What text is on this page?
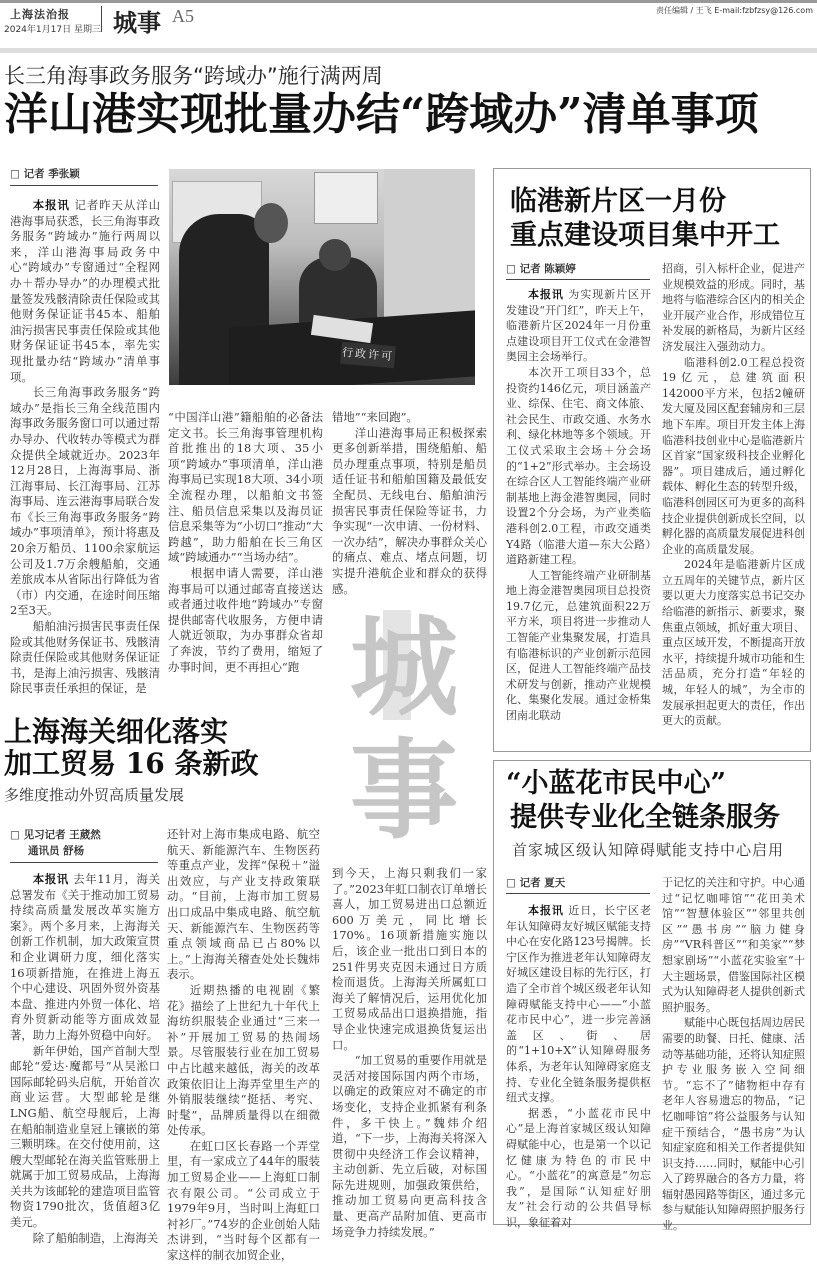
上海法治报
2024年1月17日 星期三 城事 A5	责任编辑 / 王飞 E-mail:fzbfzsy@126.com
城
事
长三角海事政务服务“跨域办”施行满两周
洋山港实现批量办结“跨域办”清单事项
□ 记者 季张颖
行政许可

本报讯 记者昨天从洋山港海事局获悉，长三角海事政务服务“跨域办”施行两周以来，洋山港海事局政务中心“跨域办”专窗通过“全程网办＋帮办导办”的办理模式批量签发残骸清除责任保险或其他财务保证证书45本、船舶油污损害民事责任保险或其他财务保证证书45本，率先实现批量办结“跨域办”清单事项。

长三角海事政务服务“跨域办”是指长三角全线范围内海事政务服务窗口可以通过帮办导办、代收转办等模式为群众提供全域就近办。2023年12月28日，上海海事局、浙江海事局、长江海事局、江苏海事局、连云港海事局联合发布《长三角海事政务服务“跨域办”事项清单》，预计将惠及20余万船员、1100余家航运公司及1.7万余艘船舶，交通差旅成本从省际出行降低为省（市）内交通，在途时间压缩2至3天。

船舶油污损害民事责任保险或其他财务保证书、残骸清除责任保险或其他财务保证证书，是海上油污损害、残骸清除民事责任承担的保证，是

“中国洋山港”籍船舶的必备法定文书。长三角海事管理机构首批推出的18大项、35小项“跨域办”事项清单，洋山港海事局已实现18大项、34小项全流程办理，以船舶文书签注、船员信息采集以及海员证信息采集等为“小切口”推动“大跨越”，助力船舶在长三角区域“跨域通办”“当场办结”。

根据申请人需要，洋山港海事局可以通过邮寄直接送达或者通过收件地“跨域办”专窗提供邮寄代收服务，方便申请人就近领取，为办事群众省却了奔波，节约了费用，缩短了办事时间，更不再担心“跑

错地”“来回跑”。

洋山港海事局正积极探索更多创新举措，围绕船舶、船员办理重点事项，特别是船员适任证书和船舶国籍及最低安全配员、无线电台、船舶油污损害民事责任保险等证书，力争实现“一次申请、一份材料、一次办结”，解决办事群众关心的痛点、难点、堵点问题，切实提升港航企业和群众的获得感。

临港新片区一月份
重点建设项目集中开工
□ 记者 陈颖婷

本报讯 为实现新片区开发建设“开门红”，昨天上午，临港新片区2024年一月份重点建设项目开工仪式在金港智奥园主会场举行。

本次开工项目33个，总投资约146亿元，项目涵盖产业、综保、住宅、商文体旅、社会民生、市政交通、水务水利、绿化林地等多个领域。开工仪式采取主会场＋分会场的“1+2”形式举办。主会场设在综合区人工智能终端产业研制基地上海金港智奥园，同时设置2个分会场，为产业类临港科创2.0工程，市政交通类Y4路（临港大道—东大公路）道路新建工程。

人工智能终端产业研制基地上海金港智奥园项目总投资19.7亿元，总建筑面积22万平方米，项目将进一步推动人工智能产业集聚发展，打造具有临港标识的产业创新示范园区，促进人工智能终端产品技术研发与创新，推动产业规模化、集聚化发展。通过金桥集团南北联动

招商，引入标杆企业，促进产业规模效益的形成。同时，基地将与临港综合区内的相关企业开展产业合作，形成错位互补发展的新格局，为新片区经济发展注入强劲动力。

临港科创2.0工程总投资19亿元，总建筑面积142000平方米，包括2幢研发大厦及园区配套辅房和三层地下车库。项目开发主体上海临港科技创业中心是临港新片区首家“国家级科技企业孵化器”。项目建成后，通过孵化载体、孵化生态的转型升级，临港科创园区可为更多的高科技企业提供创新成长空间，以孵化器的高质量发展促进科创企业的高质量发展。

2024年是临港新片区成立五周年的关键节点，新片区要以更大力度落实总书记交办给临港的新指示、新要求，聚焦重点领域，抓好重大项目、重点区域开发，不断提高开放水平，持续提升城市功能和生活品质，充分打造“年轻的城，年轻人的城”，为全市的发展承担起更大的责任，作出更大的贡献。

上海海关细化落实
加工贸易 16 条新政
多维度推动外贸高质量发展
□ 见习记者 王葳然
通讯员 舒杨

本报讯 去年11月，海关总署发布《关于推动加工贸易持续高质量发展改革实施方案》。两个多月来，上海海关创新工作机制，加大政策宣贯和企业调研力度，细化落实16项新措施，在推进上海五个中心建设、巩固外贸外资基本盘、推进内外贸一体化、培育外贸新动能等方面成效显著，助力上海外贸稳中向好。

新年伊始，国产首制大型邮轮“爱达·魔都号”从吴淞口国际邮轮码头启航，开始首次商业运营。大型邮轮是继LNG船、航空母舰后，上海在船舶制造业皇冠上镶嵌的第三颗明珠。在交付使用前，这艘大型邮轮在海关监管账册上就属于加工贸易成品，上海海关共为该邮轮的建造项目监管物资1790批次，货值超3亿美元。

除了船舶制造，上海海关

还针对上海市集成电路、航空航天、新能源汽车、生物医药等重点产业，发挥“保税＋”溢出效应，与产业支持政策联动。“目前，上海市加工贸易出口成品中集成电路、航空航天、新能源汽车、生物医药等重点领域商品已占80%以上。”上海海关稽查处处长魏炜表示。

近期热播的电视剧《繁花》描绘了上世纪九十年代上海纺织服装企业通过“三来一补”开展加工贸易的热闹场景。尽管服装行业在加工贸易中占比越来越低，海关的改革政策依旧让上海弄堂里生产的外销服装继续“挺括、考究、时髦”，品牌质量得以在细微处传承。

在虹口区长春路一个弄堂里，有一家成立了44年的服装加工贸易企业——上海虹口制衣有限公司。“公司成立于1979年9月，当时叫上海虹口衬衫厂。”74岁的企业创始人陆杰讲到，“当时每个区都有一家这样的制衣加贸企业，

到今天，上海只剩我们一家了。”2023年虹口制衣订单增长喜人，加工贸易进出口总额近600万美元，同比增长170%。16项新措施实施以后，该企业一批出口到日本的251件男夹克因未通过日方质检而退货。上海海关所属虹口海关了解情况后，运用优化加工贸易成品出口退换措施，指导企业快速完成退换货复运出口。

“加工贸易的重要作用就是灵活对接国际国内两个市场，以确定的政策应对不确定的市场变化，支持企业抓紧有利条件，多干快上。”魏炜介绍道，“下一步，上海海关将深入贯彻中央经济工作会议精神，主动创新、先立后破，对标国际先进规则，加强政策供给，推动加工贸易向更高科技含量、更高产品附加值、更高市场竞争力持续发展。”

“小蓝花市民中心”
提供专业化全链条服务
首家城区级认知障碍赋能支持中心启用
□ 记者 夏天

本报讯 近日，长宁区老年认知障碍友好城区赋能支持中心在安化路123号揭牌。长宁区作为推进老年认知障碍友好城区建设目标的先行区，打造了全市首个城区级老年认知障碍赋能支持中心——“小蓝花市民中心”，进一步完善涵盖区、街、居的“1+10+X”认知障碍服务体系，为老年认知障碍家庭支持、专业化全链条服务提供枢纽式支撑。

据悉，“小蓝花市民中心”是上海首家城区级认知障碍赋能中心，也是第一个以记忆健康为特色的市民中心。“小蓝花”的寓意是“勿忘我”，是国际“认知症好朋友”社会行动的公共倡导标识，象征着对

于记忆的关注和守护。中心通过“记忆咖啡馆”“花田美术馆”“智慧体验区”“邻里共创区”“愚书房”“脑力健身房”“VR科普区”“和美家”“梦想家剧场”“小蓝花实验室”十大主题场景，借鉴国际社区模式为认知障碍老人提供创新式照护服务。

赋能中心既包括周边居民需要的助餐、日托、健康、活动等基础功能，还将认知症照护专业服务嵌入空间细节。“忘不了”储物柜中存有老年人容易遗忘的物品，“记忆咖啡馆”将公益服务与认知症干预结合，“愚书房”为认知症家庭和相关工作者提供知识支持……同时，赋能中心引入了跨界融合的各方力量，将辐射愚园路等街区，通过多元参与赋能认知障碍照护服务行业。
